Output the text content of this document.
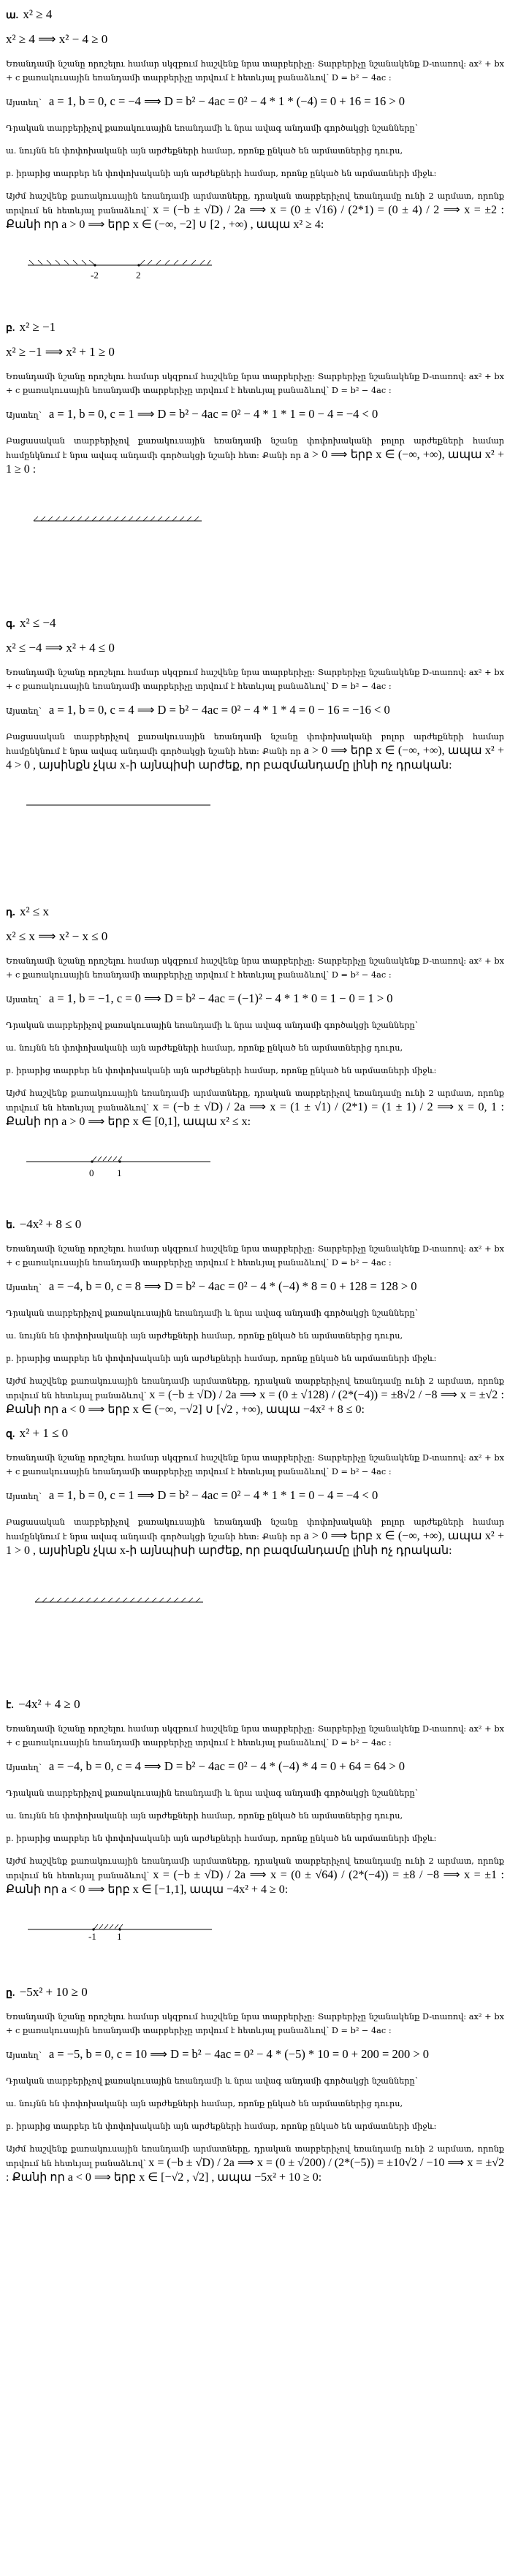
ա. x² ≥ 4
x² ≥ 4 ⟹ x² − 4 ≥ 0

Եռանդամի նշանը որոշելու համար սկզբում հաշվենք նրա տարբերիչը: Տարբերիչը նշանակենք D-տառով: ax² + bx + c քառակուսային եռանդամի տարբերիչը տրվում է հետևյալ բանաձևով՝ D = b² − 4ac :

Այստեղ՝ a = 1, b = 0, c = −4 ⟹ D = b² − 4ac = 0² − 4 * 1 * (−4) = 0 + 16 = 16 > 0

Դրական տարբերիչով քառակուսային եռանդամի և նրա ավագ անդամի գործակցի նշանները՝

ա. նույնն են փոփոխականի այն արժեքների համար, որոնք ընկած են արմատներից դուրս,

բ. իրարից տարբեր են փոփոխականի այն արժեքների համար, որոնք ընկած են արմատների միջև:

Այժմ հաշվենք քառակուսային եռանդամի արմատները, դրական տարբերիչով եռանդամը ունի 2 արմատ, որոնք տրվում են հետևյալ բանաձևով՝ x = (−b ± √D) / 2a ⟹ x = (0 ± √16) / (2*1) = (0 ± 4) / 2 ⟹ x = ±2 : Քանի որ a > 0 ⟹ երբ x ∈ (−∞, −2] ∪ [2 , +∞) , ապա x² ≥ 4:

-2	2
բ. x² ≥ −1
x² ≥ −1 ⟹ x² + 1 ≥ 0

Եռանդամի նշանը որոշելու համար սկզբում հաշվենք նրա տարբերիչը: Տարբերիչը նշանակենք D-տառով: ax² + bx + c քառակուսային եռանդամի տարբերիչը տրվում է հետևյալ բանաձևով՝ D = b² − 4ac :

Այստեղ՝ a = 1, b = 0, c = 1 ⟹ D = b² − 4ac = 0² − 4 * 1 * 1 = 0 − 4 = −4 < 0

Բացասական տարբերիչով քառակուսային եռանդամի նշանը փոփոխականի բոլոր արժեքների համար համընկնում է նրա ավագ անդամի գործակցի նշանի հետ: Քանի որ a > 0 ⟹ երբ x ∈ (−∞, +∞), ապա x² + 1 ≥ 0 :

գ. x² ≤ −4
x² ≤ −4 ⟹ x² + 4 ≤ 0

Եռանդամի նշանը որոշելու համար սկզբում հաշվենք նրա տարբերիչը: Տարբերիչը նշանակենք D-տառով: ax² + bx + c քառակուսային եռանդամի տարբերիչը տրվում է հետևյալ բանաձևով՝ D = b² − 4ac :

Այստեղ՝ a = 1, b = 0, c = 4 ⟹ D = b² − 4ac = 0² − 4 * 1 * 4 = 0 − 16 = −16 < 0

Բացասական տարբերիչով քառակուսային եռանդամի նշանը փոփոխականի բոլոր արժեքների համար համընկնում է նրա ավագ անդամի գործակցի նշանի հետ: Քանի որ a > 0 ⟹ երբ x ∈ (−∞, +∞), ապա x² + 4 > 0 , այսինքն չկա x-ի այնպիսի արժեք, որ բազմանդամը լինի ոչ դրական:

դ. x² ≤ x
x² ≤ x ⟹ x² − x ≤ 0

Եռանդամի նշանը որոշելու համար սկզբում հաշվենք նրա տարբերիչը: Տարբերիչը նշանակենք D-տառով: ax² + bx + c քառակուսային եռանդամի տարբերիչը տրվում է հետևյալ բանաձևով՝ D = b² − 4ac :

Այստեղ՝ a = 1, b = −1, c = 0 ⟹ D = b² − 4ac = (−1)² − 4 * 1 * 0 = 1 − 0 = 1 > 0

Դրական տարբերիչով քառակուսային եռանդամի և նրա ավագ անդամի գործակցի նշանները՝

ա. նույնն են փոփոխականի այն արժեքների համար, որոնք ընկած են արմատներից դուրս,

բ. իրարից տարբեր են փոփոխականի այն արժեքների համար, որոնք ընկած են արմատների միջև:

Այժմ հաշվենք քառակուսային եռանդամի արմատները, դրական տարբերիչով եռանդամը ունի 2 արմատ, որոնք տրվում են հետևյալ բանաձևով՝ x = (−b ± √D) / 2a ⟹ x = (1 ± √1) / (2*1) = (1 ± 1) / 2 ⟹ x = 0, 1 : Քանի որ a > 0 ⟹ երբ x ∈ [0,1], ապա x² ≤ x:

0 1
ե. −4x² + 8 ≤ 0

Եռանդամի նշանը որոշելու համար սկզբում հաշվենք նրա տարբերիչը: Տարբերիչը նշանակենք D-տառով: ax² + bx + c քառակուսային եռանդամի տարբերիչը տրվում է հետևյալ բանաձևով՝ D = b² − 4ac :

Այստեղ՝ a = −4, b = 0, c = 8 ⟹ D = b² − 4ac = 0² − 4 * (−4) * 8 = 0 + 128 = 128 > 0

Դրական տարբերիչով քառակուսային եռանդամի և նրա ավագ անդամի գործակցի նշանները՝

ա. նույնն են փոփոխականի այն արժեքների համար, որոնք ընկած են արմատներից դուրս,

բ. իրարից տարբեր են փոփոխականի այն արժեքների համար, որոնք ընկած են արմատների միջև:

Այժմ հաշվենք քառակուսային եռանդամի արմատները, դրական տարբերիչով եռանդամը ունի 2 արմատ, որոնք տրվում են հետևյալ բանաձևով՝ x = (−b ± √D) / 2a ⟹ x = (0 ± √128) / (2*(−4)) = ±8√2 / −8 ⟹ x = ±√2 : Քանի որ a < 0 ⟹ երբ x ∈ (−∞, −√2] ∪ [√2 , +∞), ապա −4x² + 8 ≤ 0:

զ. x² + 1 ≤ 0

Եռանդամի նշանը որոշելու համար սկզբում հաշվենք նրա տարբերիչը: Տարբերիչը նշանակենք D-տառով: ax² + bx + c քառակուսային եռանդամի տարբերիչը տրվում է հետևյալ բանաձևով՝ D = b² − 4ac :

Այստեղ՝ a = 1, b = 0, c = 1 ⟹ D = b² − 4ac = 0² − 4 * 1 * 1 = 0 − 4 = −4 < 0

Բացասական տարբերիչով քառակուսային եռանդամի նշանը փոփոխականի բոլոր արժեքների համար համընկնում է նրա ավագ անդամի գործակցի նշանի հետ: Քանի որ a > 0 ⟹ երբ x ∈ (−∞, +∞), ապա x² + 1 > 0 , այսինքն չկա x-ի այնպիսի արժեք, որ բազմանդամը լինի ոչ դրական:

է. −4x² + 4 ≥ 0

Եռանդամի նշանը որոշելու համար սկզբում հաշվենք նրա տարբերիչը: Տարբերիչը նշանակենք D-տառով: ax² + bx + c քառակուսային եռանդամի տարբերիչը տրվում է հետևյալ բանաձևով՝ D = b² − 4ac :

Այստեղ՝ a = −4, b = 0, c = 4 ⟹ D = b² − 4ac = 0² − 4 * (−4) * 4 = 0 + 64 = 64 > 0

Դրական տարբերիչով քառակուսային եռանդամի և նրա ավագ անդամի գործակցի նշանները՝

ա. նույնն են փոփոխականի այն արժեքների համար, որոնք ընկած են արմատներից դուրս,

բ. իրարից տարբեր են փոփոխականի այն արժեքների համար, որոնք ընկած են արմատների միջև:

Այժմ հաշվենք քառակուսային եռանդամի արմատները, դրական տարբերիչով եռանդամը ունի 2 արմատ, որոնք տրվում են հետևյալ բանաձևով՝ x = (−b ± √D) / 2a ⟹ x = (0 ± √64) / (2*(−4)) = ±8 / −8 ⟹ x = ±1 : Քանի որ a < 0 ⟹ երբ x ∈ [−1,1], ապա −4x² + 4 ≥ 0:

-1 1
ը. −5x² + 10 ≥ 0

Եռանդամի նշանը որոշելու համար սկզբում հաշվենք նրա տարբերիչը: Տարբերիչը նշանակենք D-տառով: ax² + bx + c քառակուսային եռանդամի տարբերիչը տրվում է հետևյալ բանաձևով՝ D = b² − 4ac :

Այստեղ՝ a = −5, b = 0, c = 10 ⟹ D = b² − 4ac = 0² − 4 * (−5) * 10 = 0 + 200 = 200 > 0

Դրական տարբերիչով քառակուսային եռանդամի և նրա ավագ անդամի գործակցի նշանները՝

ա. նույնն են փոփոխականի այն արժեքների համար, որոնք ընկած են արմատներից դուրս,

բ. իրարից տարբեր են փոփոխականի այն արժեքների համար, որոնք ընկած են արմատների միջև:

Այժմ հաշվենք քառակուսային եռանդամի արմատները, դրական տարբերիչով եռանդամը ունի 2 արմատ, որոնք տրվում են հետևյալ բանաձևով՝ x = (−b ± √D) / 2a ⟹ x = (0 ± √200) / (2*(−5)) = ±10√2 / −10 ⟹ x = ±√2 : Քանի որ a < 0 ⟹ երբ x ∈ [−√2 , √2] , ապա −5x² + 10 ≥ 0:
